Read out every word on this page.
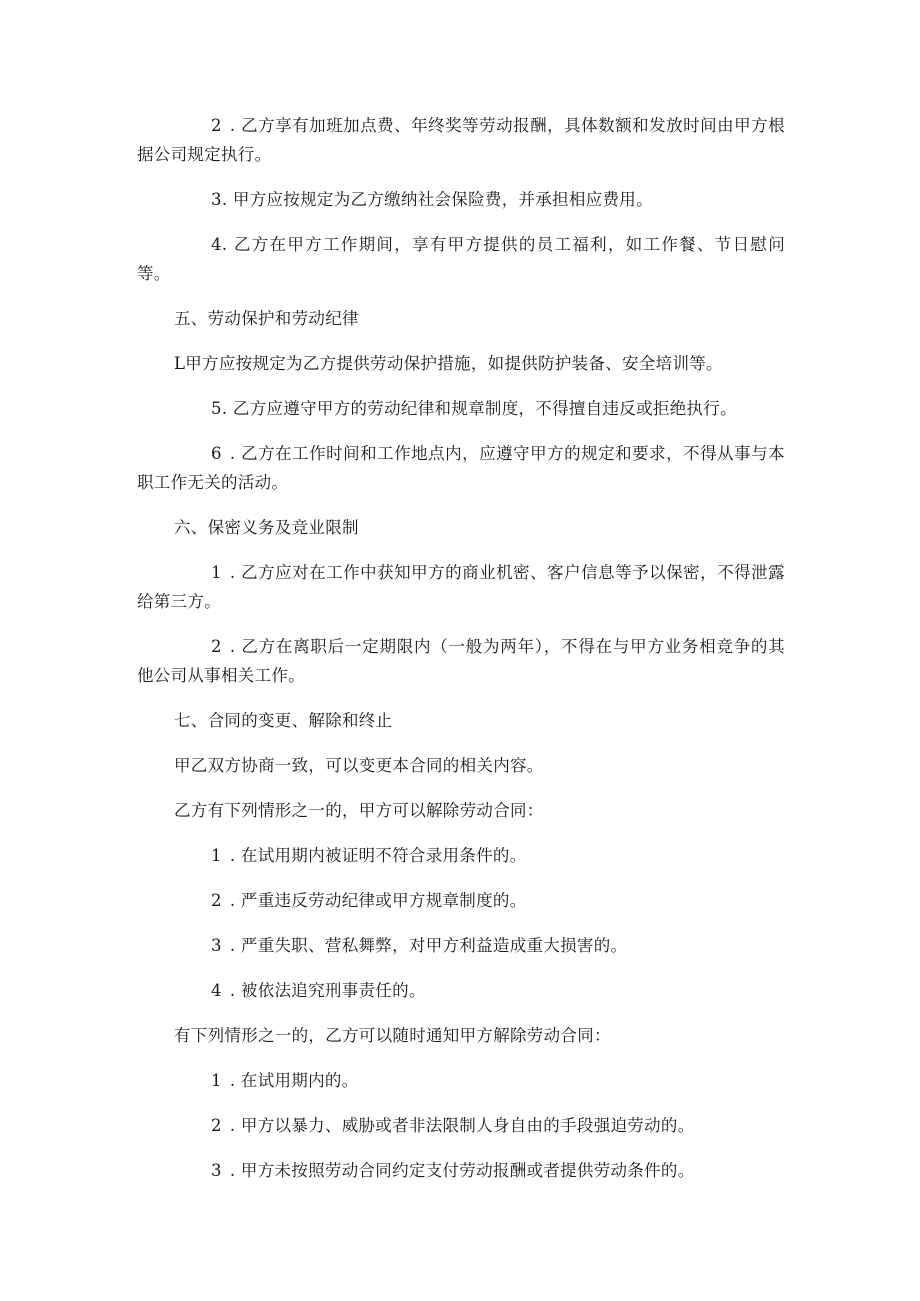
2 . 乙方享有加班加点费、年终奖等劳动报酬，具体数额和发放时间由甲方根据公司规定执行。

3. 甲方应按规定为乙方缴纳社会保险费，并承担相应费用。

4. 乙方在甲方工作期间，享有甲方提供的员工福利，如工作餐、节日慰问等。

五、劳动保护和劳动纪律

L甲方应按规定为乙方提供劳动保护措施，如提供防护装备、安全培训等。

5. 乙方应遵守甲方的劳动纪律和规章制度，不得擅自违反或拒绝执行。

6 . 乙方在工作时间和工作地点内，应遵守甲方的规定和要求，不得从事与本职工作无关的活动。

六、保密义务及竞业限制

1 . 乙方应对在工作中获知甲方的商业机密、客户信息等予以保密，不得泄露给第三方。

2 . 乙方在离职后一定期限内（一般为两年），不得在与甲方业务相竞争的其他公司从事相关工作。

七、合同的变更、解除和终止

甲乙双方协商一致，可以变更本合同的相关内容。

乙方有下列情形之一的，甲方可以解除劳动合同：

1 . 在试用期内被证明不符合录用条件的。

2 . 严重违反劳动纪律或甲方规章制度的。

3 . 严重失职、营私舞弊，对甲方利益造成重大损害的。

4 . 被依法追究刑事责任的。

有下列情形之一的，乙方可以随时通知甲方解除劳动合同：

1 . 在试用期内的。

2 . 甲方以暴力、威胁或者非法限制人身自由的手段强迫劳动的。

3 . 甲方未按照劳动合同约定支付劳动报酬或者提供劳动条件的。
